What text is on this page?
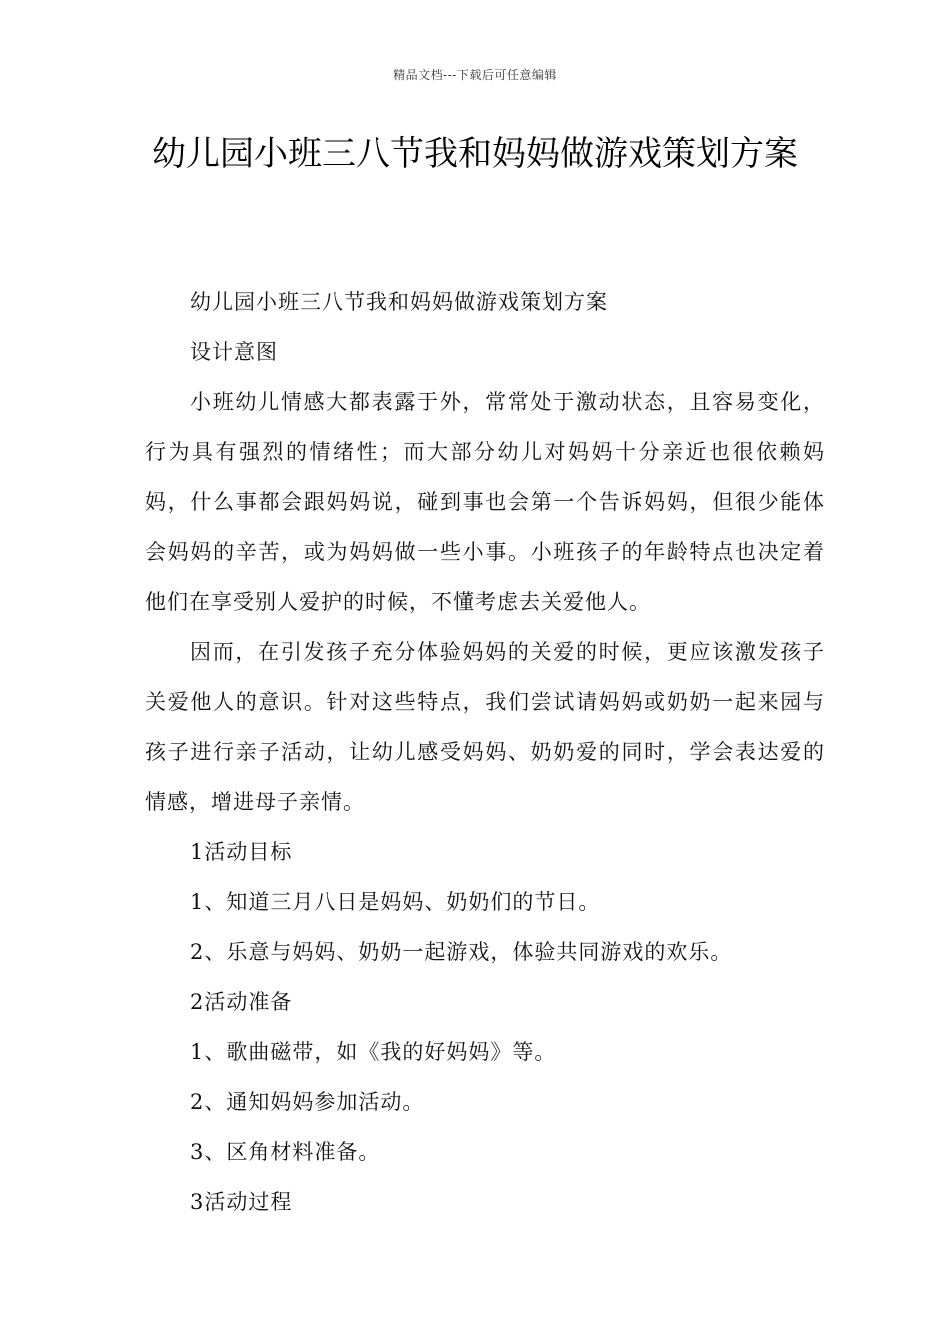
精品文档---下载后可任意编辑
幼儿园小班三八节我和妈妈做游戏策划方案

幼儿园小班三八节我和妈妈做游戏策划方案

设计意图

小班幼儿情感大都表露于外，常常处于激动状态，且容易变化，行为具有强烈的情绪性；而大部分幼儿对妈妈十分亲近也很依赖妈妈，什么事都会跟妈妈说，碰到事也会第一个告诉妈妈，但很少能体会妈妈的辛苦，或为妈妈做一些小事。小班孩子的年龄特点也决定着他们在享受别人爱护的时候，不懂考虑去关爱他人。

因而，在引发孩子充分体验妈妈的关爱的时候，更应该激发孩子关爱他人的意识。针对这些特点，我们尝试请妈妈或奶奶一起来园与孩子进行亲子活动，让幼儿感受妈妈、奶奶爱的同时，学会表达爱的情感，增进母子亲情。

1活动目标

1、知道三月八日是妈妈、奶奶们的节日。

2、乐意与妈妈、奶奶一起游戏，体验共同游戏的欢乐。

2活动准备

1、歌曲磁带，如《我的好妈妈》等。

2、通知妈妈参加活动。

3、区角材料准备。

3活动过程
